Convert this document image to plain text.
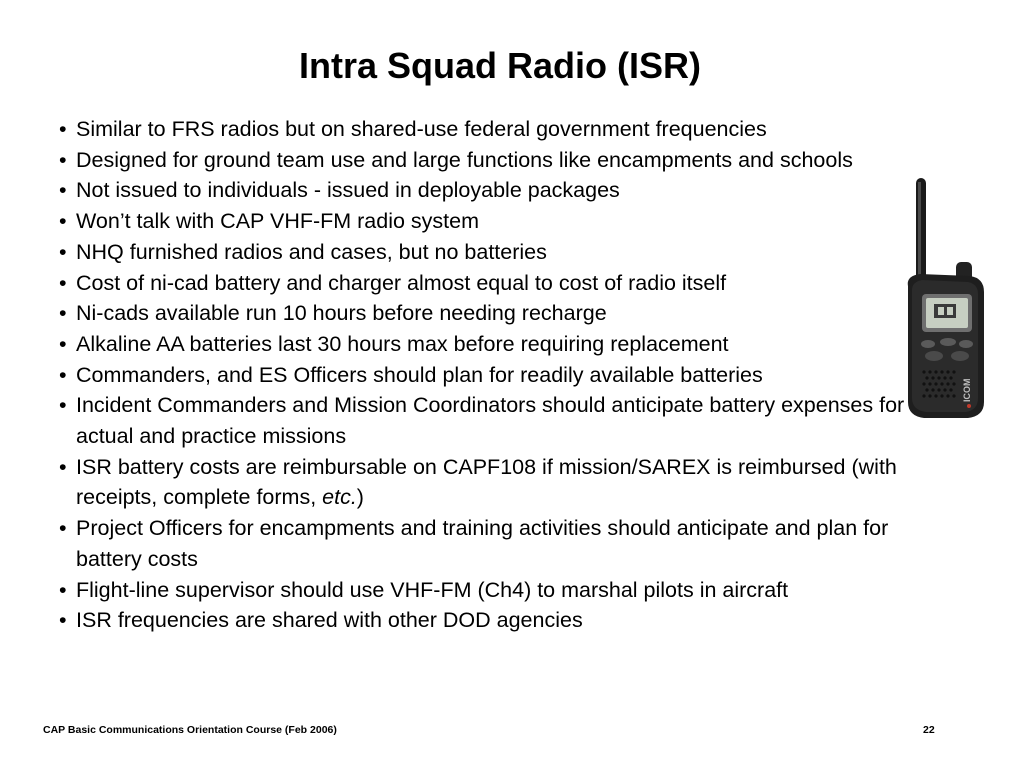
Intra Squad Radio (ISR)
• Similar to FRS radios but on shared-use federal government frequencies
• Designed for ground team use and large functions like encampments and schools
• Not issued to individuals - issued in deployable packages
• Won’t talk with CAP VHF-FM radio system
• NHQ furnished radios and cases, but no batteries
• Cost of ni-cad battery and charger almost equal to cost of radio itself
• Ni-cads available run 10 hours before needing recharge
• Alkaline AA batteries last 30 hours max before requiring replacement
• Commanders, and ES Officers should plan for readily available batteries
• Incident Commanders and Mission Coordinators should anticipate battery expenses for actual and practice missions
• ISR battery costs are reimbursable on CAPF108 if mission/SAREX is reimbursed (with receipts, complete forms, etc.)
• Project Officers for encampments and training activities should anticipate and plan for battery costs
• Flight-line supervisor should use VHF-FM (Ch4) to marshal pilots in aircraft
• ISR frequencies are shared with other DOD agencies
ICOM
CAP Basic Communications Orientation Course (Feb 2006)	22
